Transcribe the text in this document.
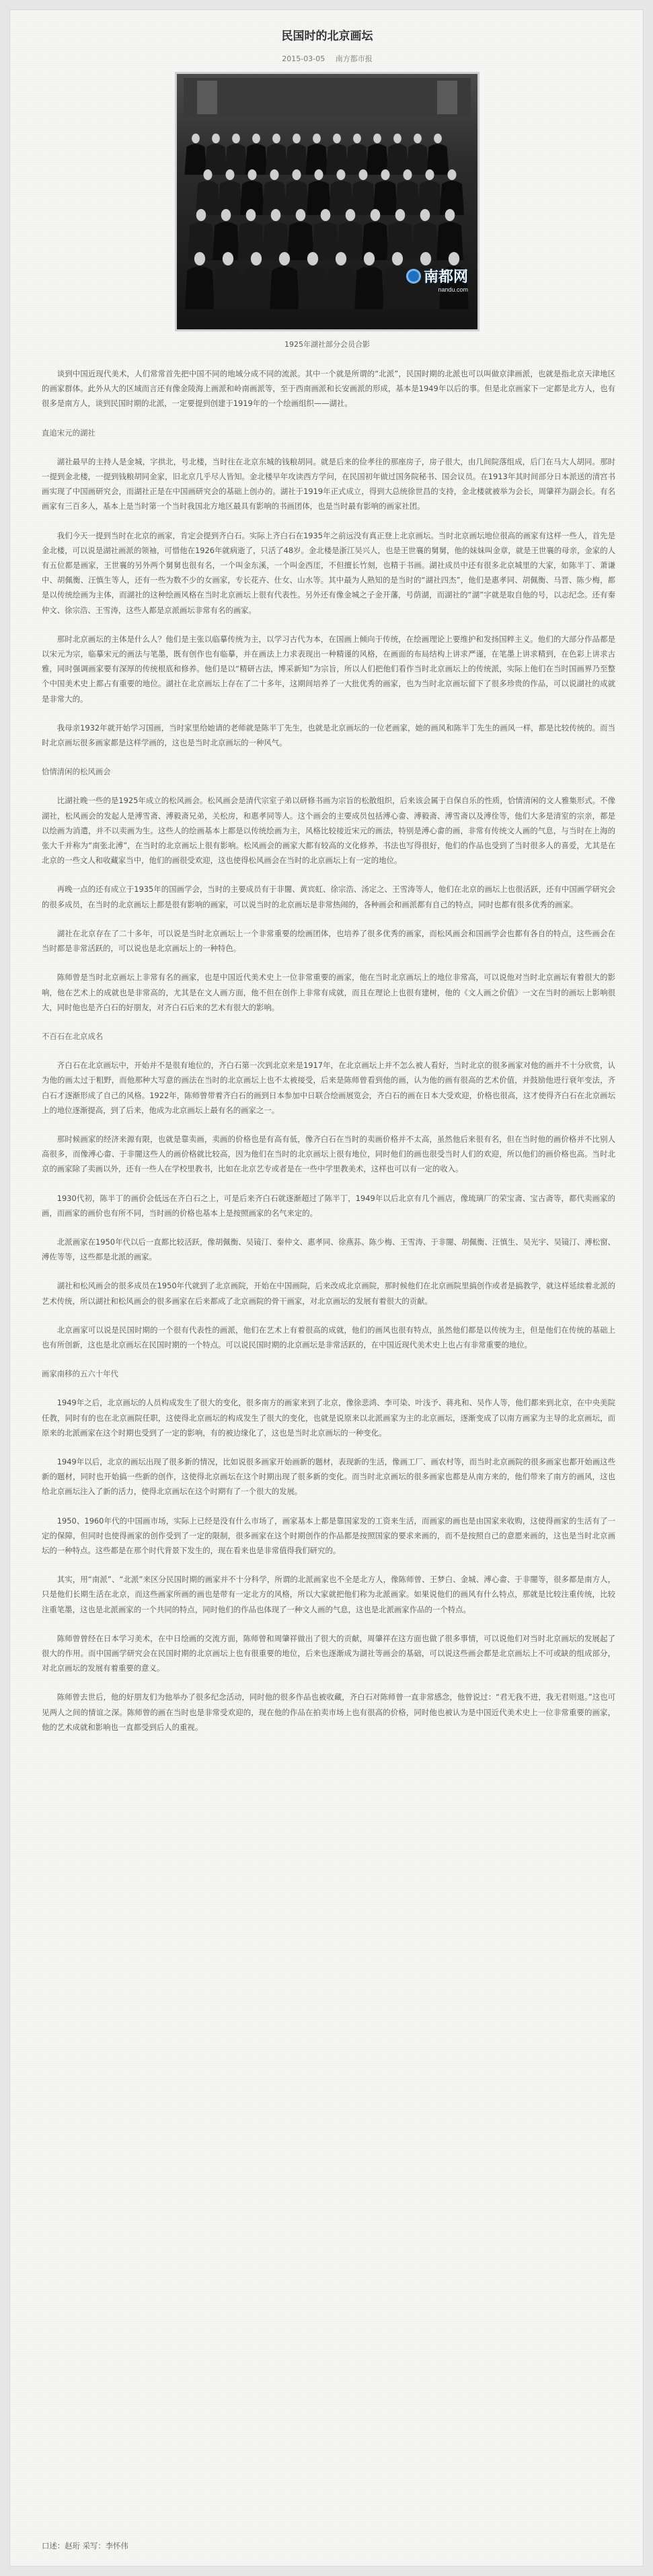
民国时的北京画坛
2015-03-05 南方都市报
南都网
nandu.com
1925年湖社部分会员合影

谈到中国近现代美术，人们常常首先把中国不同的地域分成不同的流派。其中一个就是所谓的“北派”，民国时期的北派也可以叫做京津画派，也就是指北京天津地区的画家群体。此外从大的区域而言还有像金陵海上画派和岭南画派等，至于西南画派和长安画派的形成，基本是1949年以后的事。但是北京画家下一定都是北方人，也有很多是南方人，谈到民国时期的北派，一定要提到创建于1919年的一个绘画组织——湖社。

直追宋元的湖社

湖社最早的主持人是金城，字拱北，号北楼，当时往在北京东城的钱粮胡同。就是后来的俭孝往的那座房子，房子很大，由几间院落组成，后门在马大人胡同。那时一提到金北楼，一提到钱粮胡同金家，旧北京几乎尽人皆知。金北楼早年攻读西方学问，在民国初年做过国务院秘书、国会议员。在1913年其时间部分日本派送的清宫书画实现了中国画研究会，而湖社正是在中国画研究会的基础上创办的。湖社于1919年正式成立，得到大总统徐世昌的支持，金北楼就被举为会长，周肇祥为副会长。有名画家有三百多人，基本上是当时第一个当时我国北方地区最具有影响的书画团体，也是当时最有影响的画家社团。

我们今天一提到当时在北京的画家，肯定会提到齐白石。实际上齐白石在1935年之前远没有真正登上北京画坛。当时北京画坛地位很高的画家有这样一些人，首先是金北楼，可以说是湖社画派的领袖，可惜他在1926年就病逝了，只活了48岁。金北楼是浙江吴兴人，也是王世襄的舅舅，他的妹妹叫金章，就是王世襄的母亲，金家的人有五位都是画家，王世襄的另外两个舅舅也很有名，一个叫金东溪，一个叫金西厓，不但擅长竹刻，也精于书画。湖社成员中还有很多北京城里的大家，如陈半丁、萧谦中、胡佩衡、汪慎生等人，还有一些为数不少的女画家，专长花卉、仕女、山水等。其中最为人熟知的是当时的“湖社四杰”，他们是惠孝同、胡佩衡、马晋、陈少梅，都是以传统绘画为主体，而湖社的这种绘画风格在当时北京画坛上很有代表性。另外还有像金城之子金开藩，号荫湖，而湖社的“湖”字就是取自他的号，以志纪念。还有秦仲文、徐宗浩、王雪涛，这些人都是京派画坛非常有名的画家。

那时北京画坛的主体是什么人？他们是主张以临摹传统为主，以学习古代为本，在国画上倾向于传统，在绘画理论上要维护和发扬国粹主义。他们的大部分作品都是以宋元为宗，临摹宋元的画法与笔墨，既有创作也有临摹，并在画法上力求表现出一种精谨的风格，在画面的布局结构上讲求严谨，在笔墨上讲求精到，在色彩上讲求古雅，同时强调画家要有深厚的传统根底和修养。他们是以“精研古法，博采新知”为宗旨，所以人们把他们看作当时北京画坛上的传统派，实际上他们在当时国画界乃至整个中国美术史上都占有重要的地位。湖社在北京画坛上存在了二十多年，这期间培养了一大批优秀的画家，也为当时北京画坛留下了很多珍贵的作品，可以说湖社的成就是非常大的。

我母亲1932年就开始学习国画，当时家里给她请的老师就是陈半丁先生，也就是北京画坛的一位老画家，她的画风和陈半丁先生的画风一样，都是比较传统的。而当时北京画坛很多画家都是这样学画的，这也是当时北京画坛的一种风气。

恰情清闲的松风画会

比湖社晚一些的是1925年成立的松风画会。松风画会是清代宗室子弟以研修书画为宗旨的松散组织，后来该会属于自保自乐的性质，恰情清闲的文人雅集形式。不像湖社，松风画会的发起人是溥雪斋、溥毅斋兄弟，关松房，和惠孝同等人。这个画会的主要成员包括溥心畬、溥毅斋、溥雪斋以及溥佺等，他们大多是清室的宗亲，都是以绘画为消遣，并不以卖画为生。这些人的绘画基本上都是以传统绘画为主，风格比较接近宋元的画法，特别是溥心畬的画，非常有传统文人画的气息，与当时在上海的张大千并称为“南张北溥”，在当时的北京画坛上很有影响。松风画会的画家大都有较高的文化修养，书法也写得很好，他们的作品也受到了当时很多人的喜爱，尤其是在北京的一些文人和收藏家当中，他们的画很受欢迎，这也使得松风画会在当时的北京画坛上有一定的地位。

再晚一点的还有成立于1935年的国画学会，当时的主要成员有于非闇、黄宾虹、徐宗浩、汤定之、王雪涛等人，他们在北京的画坛上也很活跃，还有中国画学研究会的很多成员，在当时的北京画坛上都是很有影响的画家，可以说当时的北京画坛是非常热闹的，各种画会和画派都有自己的特点，同时也都有很多优秀的画家。

湖社在北京存在了二十多年，可以说是当时北京画坛上一个非常重要的绘画团体，也培养了很多优秀的画家，而松风画会和国画学会也都有各自的特点，这些画会在当时都是非常活跃的，可以说也是北京画坛上的一种特色。

陈师曾是当时北京画坛上非常有名的画家，也是中国近代美术史上一位非常重要的画家，他在当时北京画坛上的地位非常高，可以说他对当时北京画坛有着很大的影响，他在艺术上的成就也是非常高的，尤其是在文人画方面，他不但在创作上非常有成就，而且在理论上也很有建树，他的《文人画之价值》一文在当时的画坛上影响很大，同时他也是齐白石的好朋友，对齐白石后来的艺术有很大的影响。

不百石在北京成名

齐白石在北京画坛中，开始并不是很有地位的，齐白石第一次到北京来是1917年，在北京画坛上并不怎么被人看好，当时北京的很多画家对他的画并不十分欣赏，认为他的画太过于粗野，而他那种大写意的画法在当时的北京画坛上也不太被接受，后来是陈师曾看到他的画，认为他的画有很高的艺术价值，并鼓励他进行衰年变法，齐白石才逐渐形成了自己的风格。1922年，陈师曾带着齐白石的画到日本参加中日联合绘画展览会，齐白石的画在日本大受欢迎，价格也很高，这才使得齐白石在北京画坛上的地位逐渐提高，到了后来，他成为北京画坛上最有名的画家之一。

那时候画家的经济来源有限，也就是靠卖画，卖画的价格也是有高有低，像齐白石在当时的卖画价格并不太高，虽然他后来很有名，但在当时他的画价格并不比别人高很多，而像溥心畬、于非闇这些人的画价格就比较高，因为他们在当时的北京画坛上很有地位，同时他们的画也很受当时人们的欢迎，所以他们的画价格也高。当时北京的画家除了卖画以外，还有一些人在学校里教书，比如在北京艺专或者是在一些中学里教美术，这样也可以有一定的收入。

1930代初，陈半丁的画价会低远在齐白石之上，可是后来齐白石就逐渐超过了陈半丁，1949年以后北京有几个画店，像琉璃厂的荣宝斋、宝古斋等，都代卖画家的画，而画家的画价也有所不同，当时画的价格也基本上是按照画家的名气来定的。

北派画家在1950年代以后一直都比较活跃，像胡佩衡、吴镜汀、秦仲文、惠孝同、徐燕荪、陈少梅、王雪涛、于非闇、胡佩衡、汪慎生、吴光宇、吴镜汀、溥松窗、溥佐等等，这些都是北派的画家。

湖社和松风画会的很多成员在1950年代就到了北京画院，开始在中国画院，后来改成北京画院，那时候他们在北京画院里搞创作或者是搞教学，就这样延续着北派的艺术传统，所以湖社和松风画会的很多画家在后来都成了北京画院的骨干画家，对北京画坛的发展有着很大的贡献。

北京画家可以说是民国时期的一个很有代表性的画派，他们在艺术上有着很高的成就，他们的画风也很有特点，虽然他们都是以传统为主，但是他们在传统的基础上也有所创新，这也是北京画坛在民国时期的一个特点。可以说民国时期的北京画坛是非常活跃的，在中国近现代美术史上也占有非常重要的地位。

画家南移的五六十年代

1949年之后，北京画坛的人员构成发生了很大的变化，很多南方的画家来到了北京，像徐悲鸿、李可染、叶浅予、蒋兆和、吴作人等，他们都来到北京，在中央美院任教，同时有的也在北京画院任职，这使得北京画坛的构成发生了很大的变化，也就是说原来以北派画家为主的北京画坛，逐渐变成了以南方画家为主导的北京画坛，而原来的北派画家在这个时期也受到了一定的影响，有的被边缘化了，这也是当时北京画坛的一种变化。

1949年以后，北京的画坛出现了很多新的情况，比如说很多画家开始画新的题材，表现新的生活，像画工厂、画农村等，而当时北京画院的很多画家也都开始画这些新的题材，同时也开始搞一些新的创作，这使得北京画坛在这个时期出现了很多新的变化。而当时北京画坛的很多画家也都是从南方来的，他们带来了南方的画风，这也给北京画坛注入了新的活力，使得北京画坛在这个时期有了一个很大的发展。

1950、1960年代的中国画市场，实际上已经是没有什么市场了，画家基本上都是靠国家发的工资来生活，而画家的画也是由国家来收购，这使得画家的生活有了一定的保障，但同时也使得画家的创作受到了一定的限制，很多画家在这个时期创作的作品都是按照国家的要求来画的，而不是按照自己的意愿来画的，这也是当时北京画坛的一种特点。这些都是在那个时代背景下发生的，现在看来也是非常值得我们研究的。

其实，用“南派”、“北派”来区分民国时期的画家并不十分科学，所谓的北派画家也不全是北方人，像陈师曾、王梦白、金城、溥心畬、于非闇等，很多都是南方人，只是他们长期生活在北京，而这些画家所画的画也是带有一定北方的风格，所以大家就把他们称为北派画家。如果说他们的画风有什么特点，那就是比较注重传统，比较注重笔墨，这也是北派画家的一个共同的特点，同时他们的作品也体现了一种文人画的气息，这也是北派画家作品的一个特点。

陈师曾曾经在日本学习美术，在中日绘画的交流方面，陈师曾和周肇祥做出了很大的贡献，周肇祥在这方面也做了很多事情，可以说他们对当时北京画坛的发展起了很大的作用。而中国画学研究会在民国时期的北京画坛上也有很重要的地位，后来也逐渐成为湖社等画会的基础，可以说这些画会都是北京画坛上不可或缺的组成部分，对北京画坛的发展有着重要的意义。

陈师曾去世后，他的好朋友们为他举办了很多纪念活动，同时他的很多作品也被收藏，齐白石对陈师曾一直非常感念，他曾说过：“君无我不进，我无君则退。”这也可见两人之间的情谊之深。陈师曾的画在当时也是非常受欢迎的，现在他的作品在拍卖市场上也有很高的价格，同时他也被认为是中国近代美术史上一位非常重要的画家，他的艺术成就和影响也一直都受到后人的重视。

口述：赵珩 采写：李怀伟
